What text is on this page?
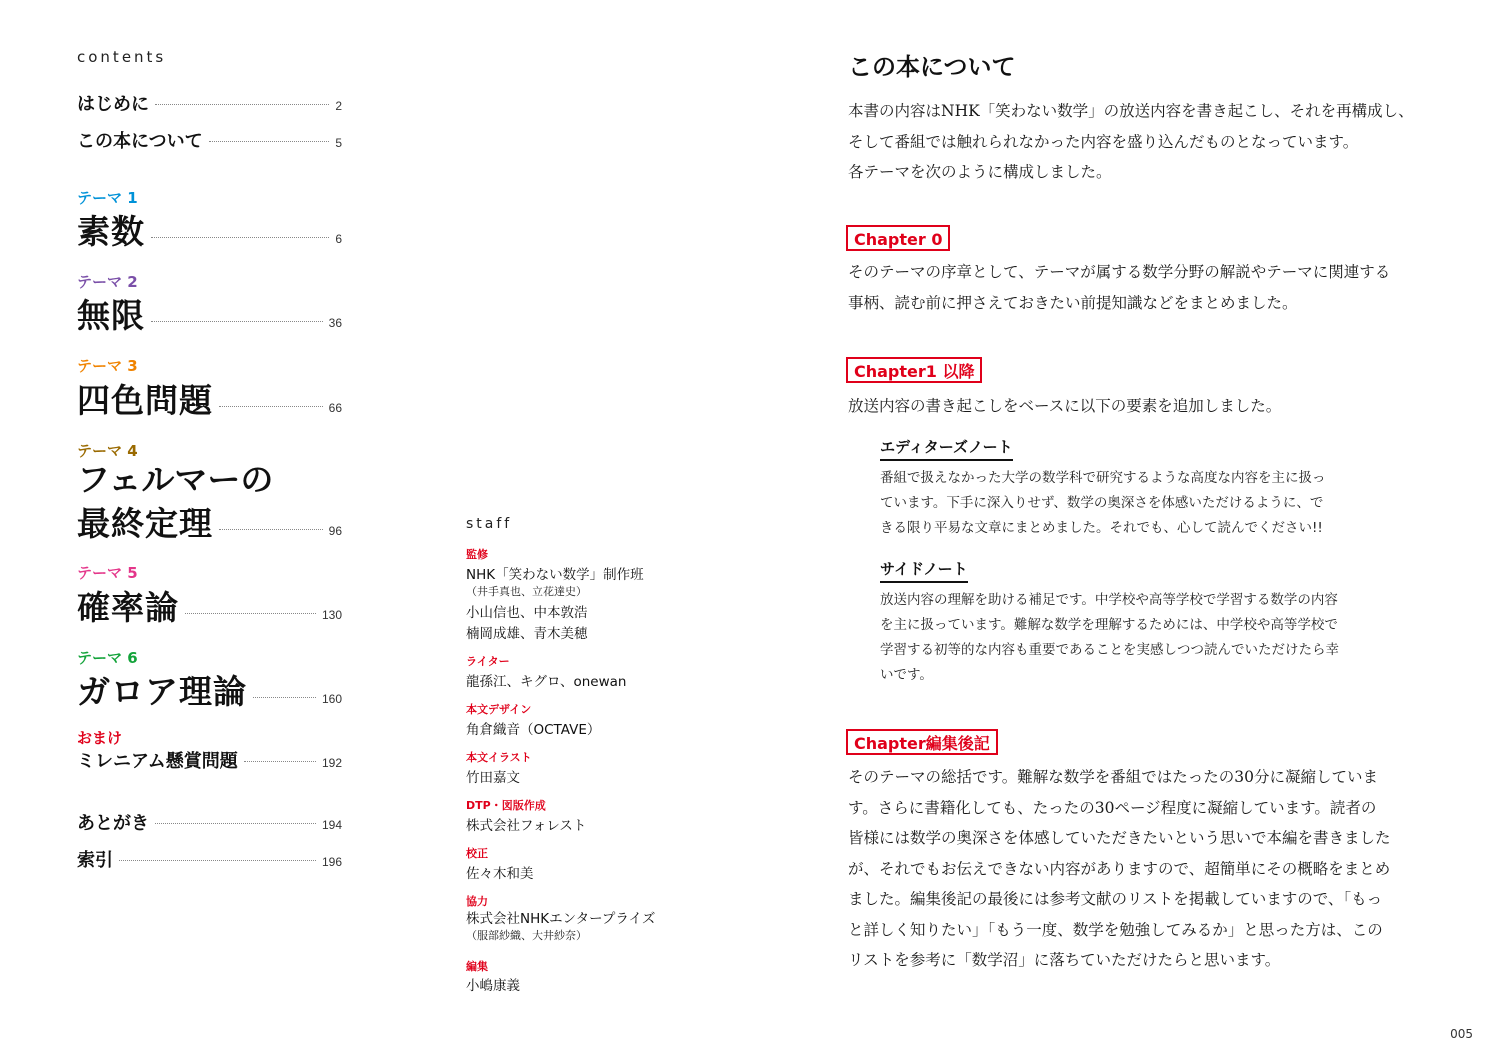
contents
はじめに	2
この本について	5
テーマ 1
素数	6
テーマ 2
無限	36
テーマ 3
四色問題	66
テーマ 4
フェルマーの
最終定理	96
テーマ 5
確率論	130
テーマ 6
ガロア理論	160
おまけ
ミレニアム懸賞問題	192
あとがき	194
索引	196
staff
監修
NHK「笑わない数学」制作班
（井手真也、立花達史）
小山信也、中本敦浩
楠岡成雄、青木美穂
ライター
龍孫江、キグロ、onewan
本文デザイン
角倉織音（OCTAVE）
本文イラスト
竹田嘉文
DTP・図版作成
株式会社フォレスト
校正
佐々木和美
協力
株式会社NHKエンタープライズ
（服部紗織、大井紗奈）
編集
小嶋康義
この本について
本書の内容はNHK「笑わない数学」の放送内容を書き起こし、それを再構成し、
そして番組では触れられなかった内容を盛り込んだものとなっています。
各テーマを次のように構成しました。
Chapter 0
そのテーマの序章として、テーマが属する数学分野の解説やテーマに関連する
事柄、読む前に押さえておきたい前提知識などをまとめました。
Chapter1 以降
放送内容の書き起こしをベースに以下の要素を追加しました。
エディターズノート
番組で扱えなかった大学の数学科で研究するような高度な内容を主に扱っ
ています。下手に深入りせず、数学の奥深さを体感いただけるように、で
きる限り平易な文章にまとめました。それでも、心して読んでください!!
サイドノート
放送内容の理解を助ける補足です。中学校や高等学校で学習する数学の内容
を主に扱っています。難解な数学を理解するためには、中学校や高等学校で
学習する初等的な内容も重要であることを実感しつつ読んでいただけたら幸
いです。
Chapter編集後記
そのテーマの総括です。難解な数学を番組ではたったの30分に凝縮していま
す。さらに書籍化しても、たったの30ページ程度に凝縮しています。読者の
皆様には数学の奥深さを体感していただきたいという思いで本編を書きました
が、それでもお伝えできない内容がありますので、超簡単にその概略をまとめ
ました。編集後記の最後には参考文献のリストを掲載していますので、「もっ
と詳しく知りたい」「もう一度、数学を勉強してみるか」と思った方は、この
リストを参考に「数学沼」に落ちていただけたらと思います。
005
